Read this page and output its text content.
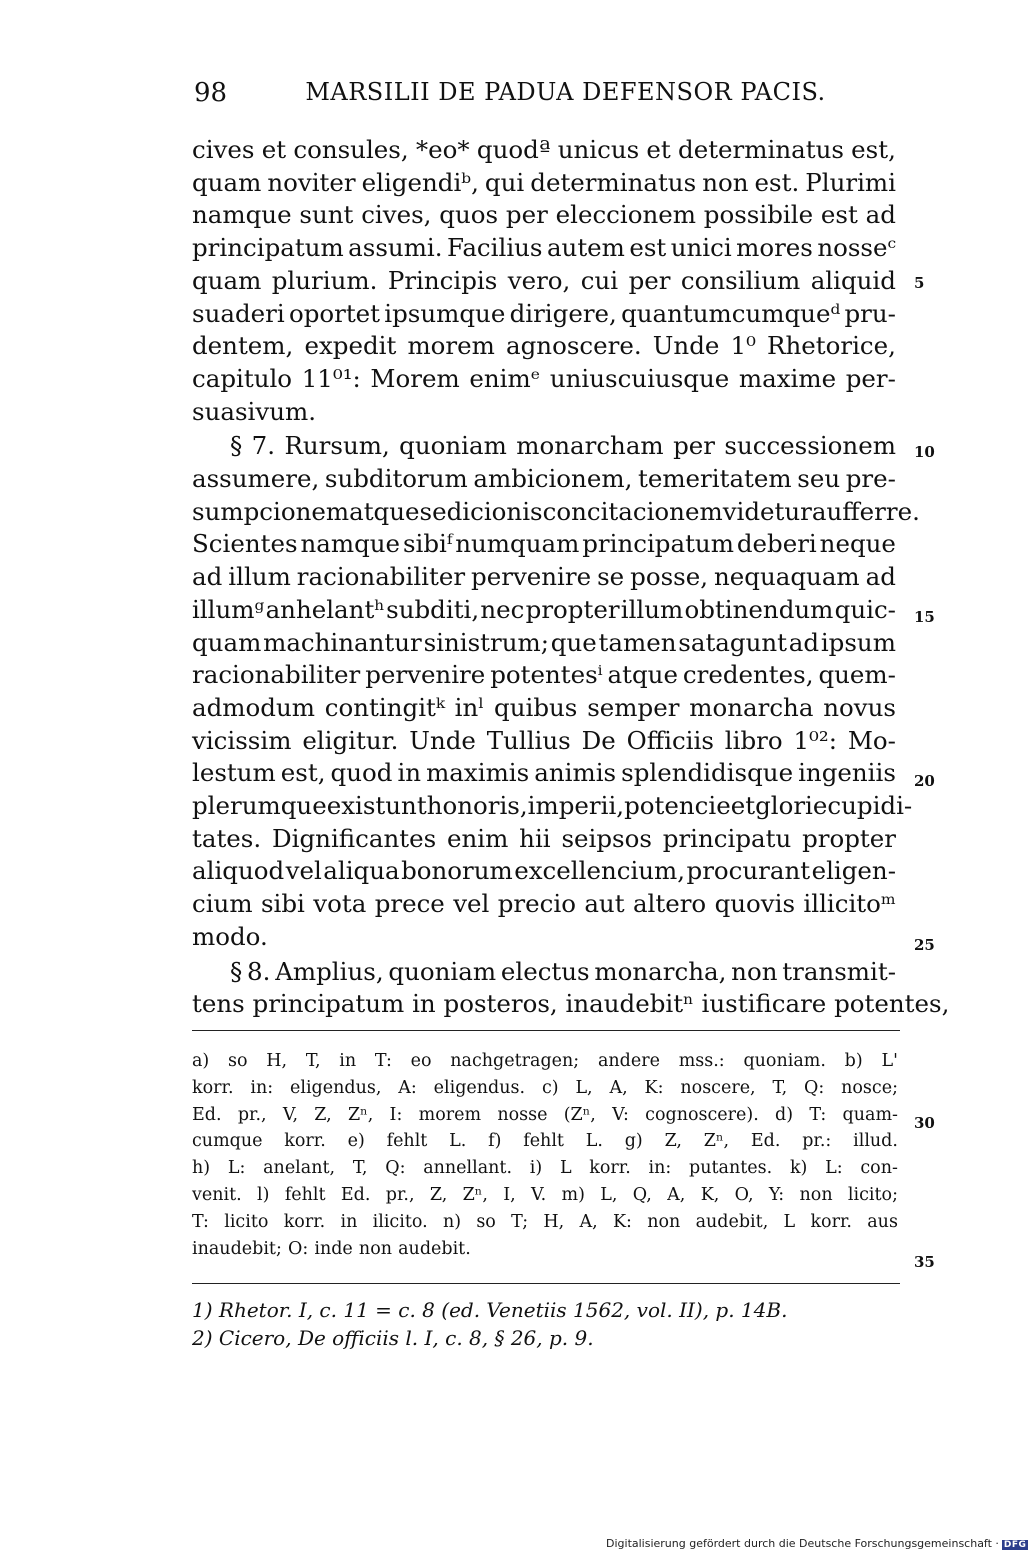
98	MARSILII DE PADUA DEFENSOR PACIS.
cives et consules, *eo* quodª unicus et determinatus est,
quam noviter eligendiᵇ, qui determinatus non est. Plurimi
namque sunt cives, quos per eleccionem possibile est ad
principatum assumi. Facilius autem est unici mores nosseᶜ
quam plurium. Principis vero, cui per consilium aliquid
suaderi oportet ipsumque dirigere, quantumcumqueᵈ pru-
dentem, expedit morem agnoscere. Unde 1⁰ Rhetorice,
capitulo 11⁰¹: Morem enimᵉ uniuscuiusque maxime per-
suasivum.
§ 7. Rursum, quoniam monarcham per successionem
assumere, subditorum ambicionem, temeritatem seu pre-
sumpcionem atque sedicionis concitacionem videtur aufferre.
Scientes namque sibiᶠ numquam principatum deberi neque
ad illum racionabiliter pervenire se posse, nequaquam ad
illumᵍ anhelantʰ subditi, nec propter illum obtinendum quic-
quam machinantur sinistrum; que tamen satagunt ad ipsum
racionabiliter pervenire potentesⁱ atque credentes, quem-
admodum contingitᵏ inˡ quibus semper monarcha novus
vicissim eligitur. Unde Tullius De Officiis libro 1⁰²: Mo-
lestum est, quod in maximis animis splendidisque ingeniis
plerumque existunt honoris, imperii, potencie et glorie cupidi-
tates. Dignificantes enim hii seipsos principatu propter
aliquod vel aliqua bonorum excellencium, procurant eligen-
cium sibi vota prece vel precio aut altero quovis illicitoᵐ
modo.
§ 8. Amplius, quoniam electus monarcha, non transmit-
tens principatum in posteros, inaudebitⁿ iustificare potentes,
5
10
15
20
25
30
35
a) so H, T, in T: eo nachgetragen; andere mss.: quoniam. b) L'
korr. in: eligendus, A: eligendus. c) L, A, K: noscere, T, Q: nosce;
Ed. pr., V, Z, Zⁿ, I: morem nosse (Zⁿ, V: cognoscere). d) T: quam-
cumque korr. e) fehlt L. f) fehlt L. g) Z, Zⁿ, Ed. pr.: illud.
h) L: anelant, T, Q: annellant. i) L korr. in: putantes. k) L: con-
venit. l) fehlt Ed. pr., Z, Zⁿ, I, V. m) L, Q, A, K, O, Y: non licito;
T: licito korr. in ilicito. n) so T; H, A, K: non audebit, L korr. aus
inaudebit; O: inde non audebit.
1) Rhetor. I, c. 11 = c. 8 (ed. Venetiis 1562, vol. II), p. 14B.
2) Cicero, De officiis l. I, c. 8, § 26, p. 9.
Digitalisierung gefördert durch die Deutsche Forschungsgemeinschaft · DFG
